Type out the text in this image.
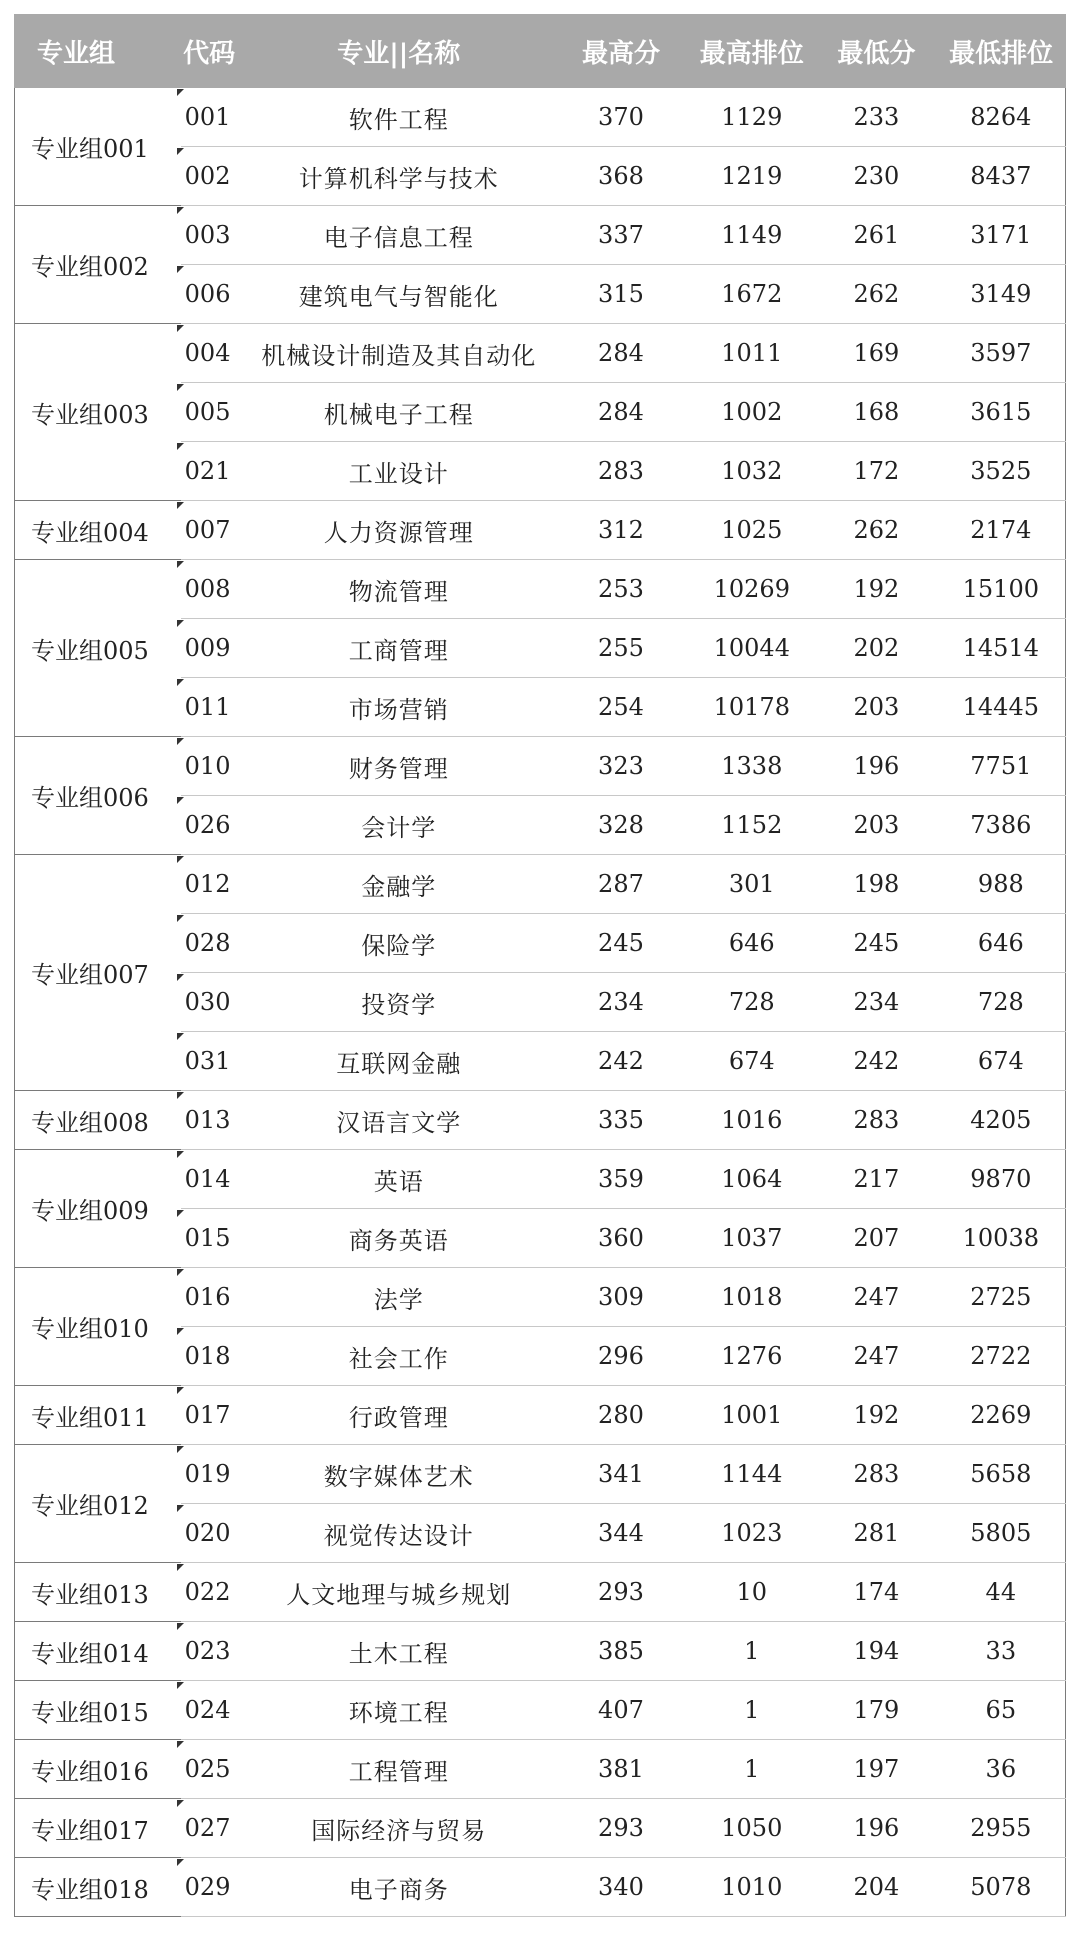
专业组	代码	专业||名称	最高分	最高排位	最低分	最低排位
专业组001	001	软件工程	370	1129	233	8264
	002	计算机科学与技术	368	1219	230	8437
专业组002	003	电子信息工程	337	1149	261	3171
	006	建筑电气与智能化	315	1672	262	3149
专业组003	004	机械设计制造及其自动化	284	1011	169	3597
	005	机械电子工程	284	1002	168	3615
	021	工业设计	283	1032	172	3525
专业组004	007	人力资源管理	312	1025	262	2174
专业组005	008	物流管理	253	10269	192	15100
	009	工商管理	255	10044	202	14514
	011	市场营销	254	10178	203	14445
专业组006	010	财务管理	323	1338	196	7751
	026	会计学	328	1152	203	7386
专业组007	012	金融学	287	301	198	988
	028	保险学	245	646	245	646
	030	投资学	234	728	234	728
	031	互联网金融	242	674	242	674
专业组008	013	汉语言文学	335	1016	283	4205
专业组009	014	英语	359	1064	217	9870
	015	商务英语	360	1037	207	10038
专业组010	016	法学	309	1018	247	2725
	018	社会工作	296	1276	247	2722
专业组011	017	行政管理	280	1001	192	2269
专业组012	019	数字媒体艺术	341	1144	283	5658
	020	视觉传达设计	344	1023	281	5805
专业组013	022	人文地理与城乡规划	293	10	174	44
专业组014	023	土木工程	385	1	194	33
专业组015	024	环境工程	407	1	179	65
专业组016	025	工程管理	381	1	197	36
专业组017	027	国际经济与贸易	293	1050	196	2955
专业组018	029	电子商务	340	1010	204	5078
